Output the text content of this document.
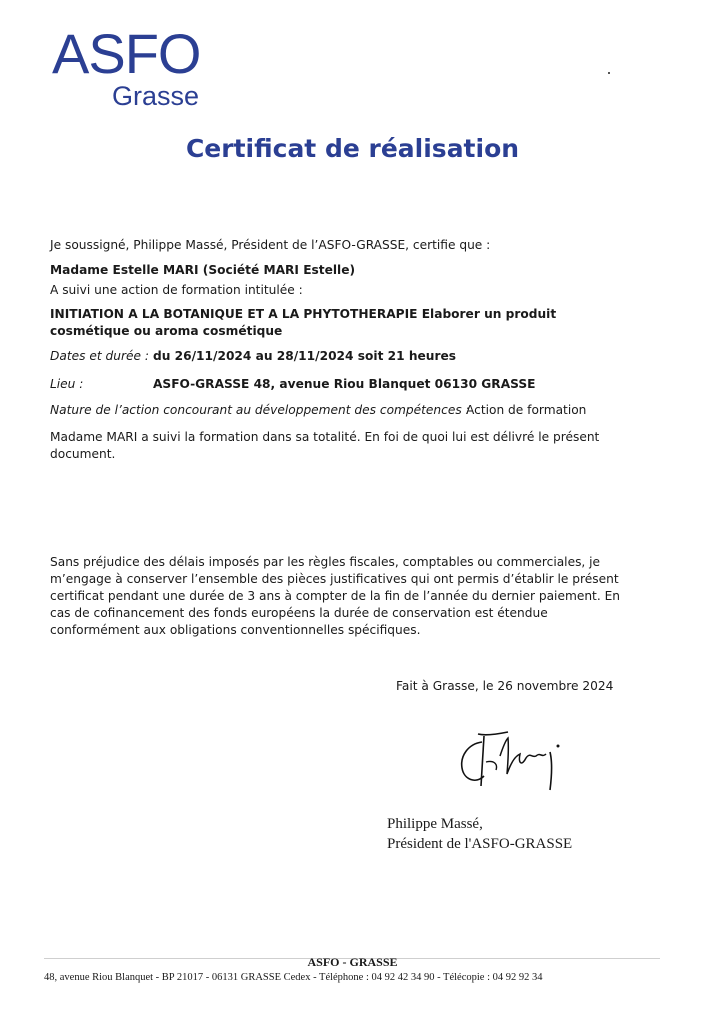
ASFO
Grasse
Certificat de réalisation
Je soussigné, Philippe Massé, Président de l’ASFO-GRASSE, certifie que :
Madame Estelle MARI (Société MARI Estelle)
A suivi une action de formation intitulée :
INITIATION A LA BOTANIQUE ET A LA PHYTOTHERAPIE Elaborer un produit cosmétique ou aroma cosmétique
Dates et durée : du 26/11/2024 au 28/11/2024 soit 21 heures
Lieu :	ASFO-GRASSE 48, avenue Riou Blanquet 06130 GRASSE
Nature de l’action concourant au développement des compétences :
Action de formation
Madame MARI a suivi la formation dans sa totalité. En foi de quoi lui est délivré le présent document.
Sans préjudice des délais imposés par les règles fiscales, comptables ou commerciales, je m’engage à conserver l’ensemble des pièces justificatives qui ont permis d’établir le présent certificat pendant une durée de 3 ans à compter de la fin de l’année du dernier paiement. En cas de cofinancement des fonds européens la durée de conservation est étendue conformément aux obligations conventionnelles spécifiques.
Fait à Grasse, le 26 novembre 2024
Philippe Massé,
Président de l'ASFO-GRASSE
ASFO - GRASSE
48, avenue Riou Blanquet - BP 21017 - 06131 GRASSE Cedex - Téléphone : 04 92 42 34 90 - Télécopie : 04 92 92 34
